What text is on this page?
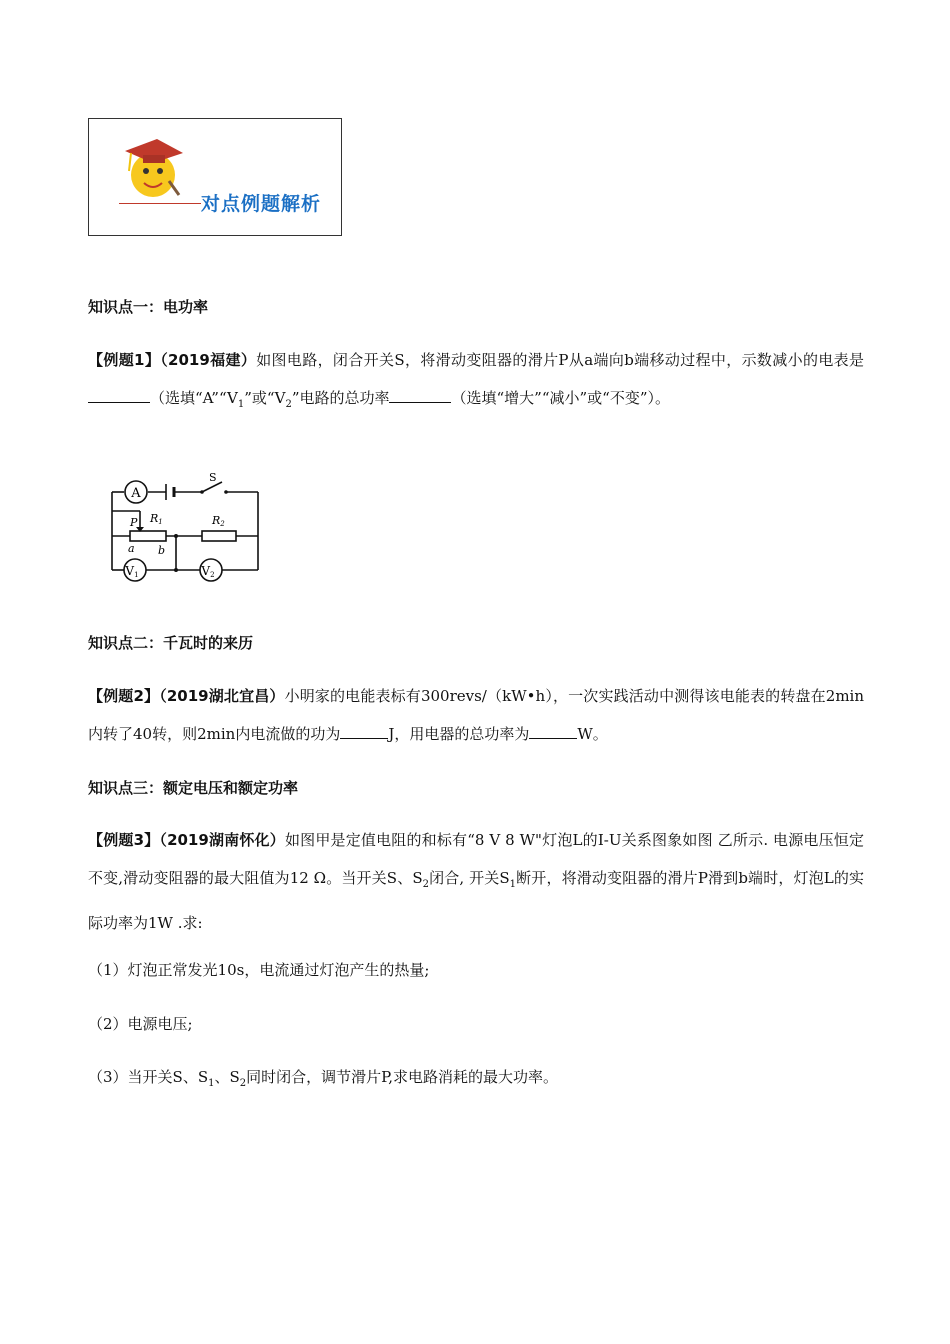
对点例题解析
知识点一：电功率
【例题1】（2019福建）如图电路，闭合开关S，将滑动变阻器的滑片P从a端向b端移动过程中，示数减小的电表是（选填“$A”“V_1$”或“$V_2$”电路的总功率	（选填“增大”“减小”或“不变”）。
A
S
P R1
a b
R2
V1	V2
知识点二：千瓦时的来历
【例题2】（2019湖北宜昌）小明家的电能表标有300revs/（kW•h），一次实践活动中测得该电能表的转盘在2min内转了40转，则2min内电流做的功为	J，用电器的总功率为	W。
知识点三：额定电压和额定功率
【例题3】（2019湖南怀化）如图甲是定值电阻的和标有“8 V 8 W"灯泡L的I-U关系图象如图 乙所示. 电源电压恒定不变,滑动变阻器的最大阻值为12 Ω。当开关S、$S_2$闭合, 开关$S_1$断开，将滑动变阻器的滑片P滑到b端时，灯泡L的实际功率为1W .求:
（1）灯泡正常发光10s，电流通过灯泡产生的热量;
（2）电源电压;
（3）当开关S、$S_1$、$S_2$同时闭合，调节滑片P,求电路消耗的最大功率。
